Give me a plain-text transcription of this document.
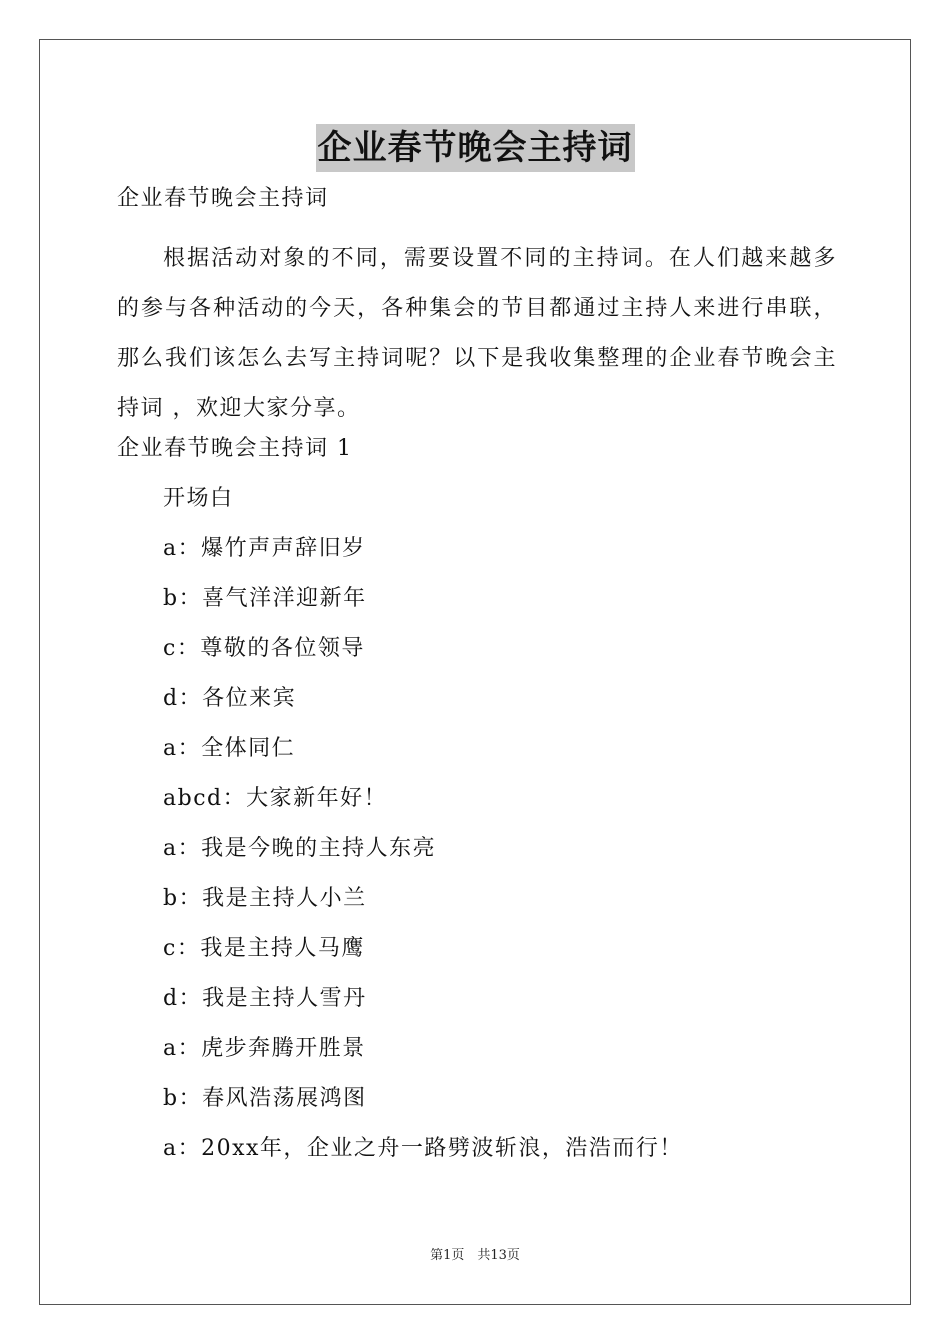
企业春节晚会主持词
企业春节晚会主持词

根据活动对象的不同，需要设置不同的主持词。在人们越来越多的参与各种活动的今天，各种集会的节目都通过主持人来进行串联，那么我们该怎么去写主持词呢？以下是我收集整理的企业春节晚会主持词 ，欢迎大家分享。

企业春节晚会主持词 1
开场白
a：爆竹声声辞旧岁
b：喜气洋洋迎新年
c：尊敬的各位领导
d：各位来宾
a：全体同仁
abcd：大家新年好！
a：我是今晚的主持人东亮
b：我是主持人小兰
c：我是主持人马鹰
d：我是主持人雪丹
a：虎步奔腾开胜景
b：春风浩荡展鸿图
a：20xx年，企业之舟一路劈波斩浪，浩浩而行！
第1页　共13页
